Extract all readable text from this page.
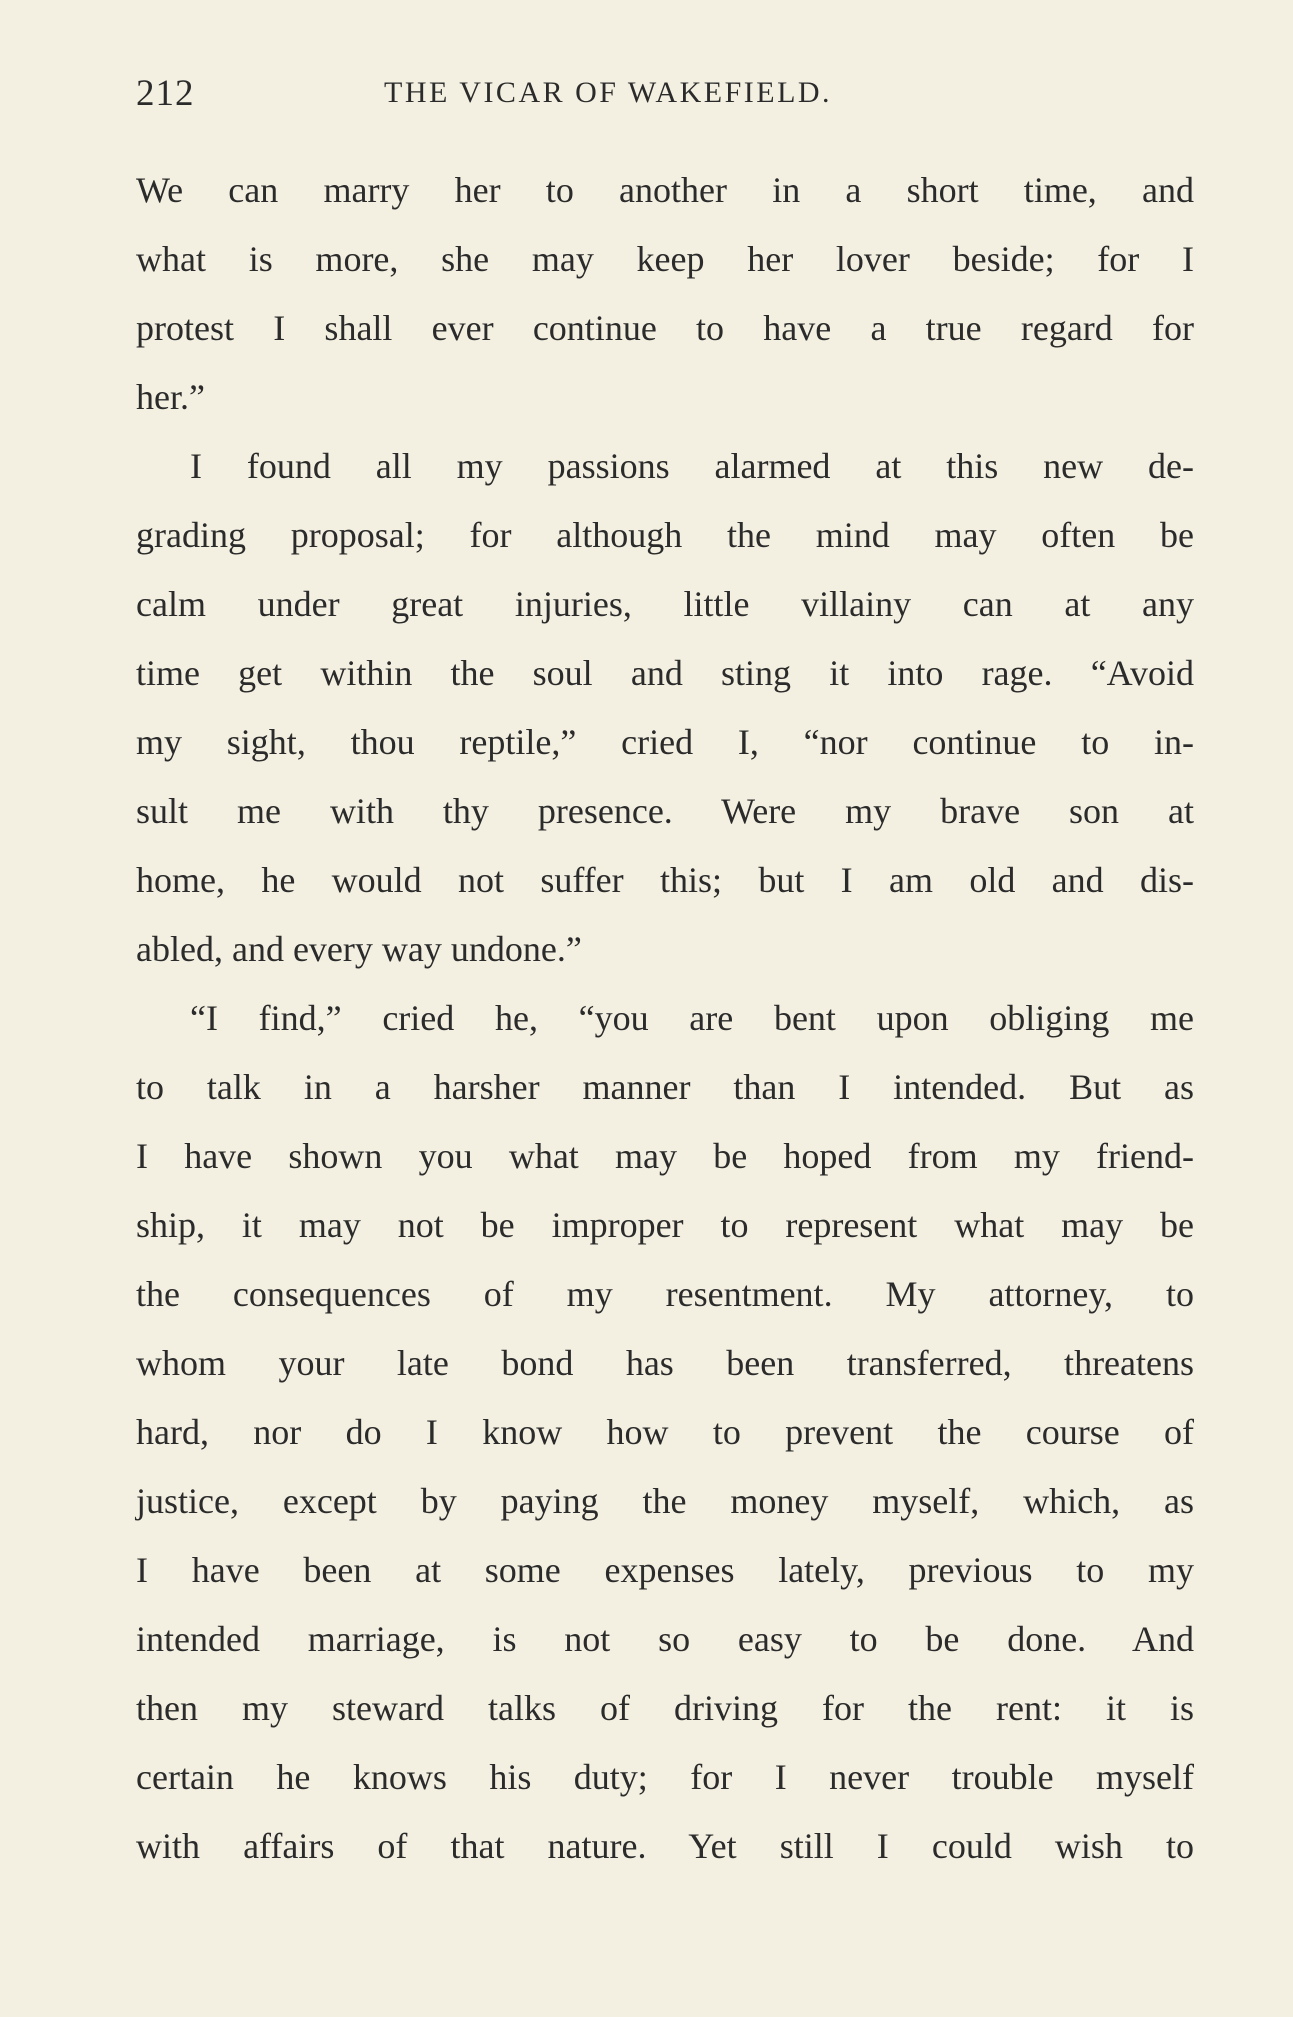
212	THE VICAR OF WAKEFIELD.
We can marry her to another in a short time, and
what is more, she may keep her lover beside; for I
protest I shall ever continue to have a true regard for
her.”
I found all my passions alarmed at this new de-
grading proposal; for although the mind may often be
calm under great injuries, little villainy can at any
time get within the soul and sting it into rage. “Avoid
my sight, thou reptile,” cried I, “nor continue to in-
sult me with thy presence. Were my brave son at
home, he would not suffer this; but I am old and dis-
abled, and every way undone.”
“I find,” cried he, “you are bent upon obliging me
to talk in a harsher manner than I intended. But as
I have shown you what may be hoped from my friend-
ship, it may not be improper to represent what may be
the consequences of my resentment. My attorney, to
whom your late bond has been transferred, threatens
hard, nor do I know how to prevent the course of
justice, except by paying the money myself, which, as
I have been at some expenses lately, previous to my
intended marriage, is not so easy to be done. And
then my steward talks of driving for the rent: it is
certain he knows his duty; for I never trouble myself
with affairs of that nature. Yet still I could wish to
